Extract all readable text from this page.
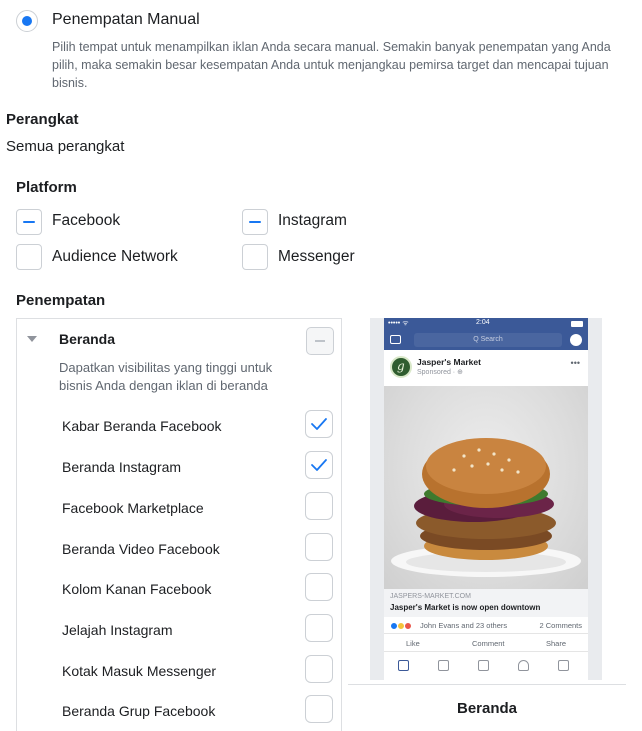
Penempatan Manual
Pilih tempat untuk menampilkan iklan Anda secara manual. Semakin banyak penempatan yang Anda pilih, maka semakin besar kesempatan Anda untuk menjangkau pemirsa target dan mencapai tujuan bisnis.
Perangkat
Semua perangkat
Platform
Facebook	Instagram
Audience Network	Messenger
Penempatan
Beranda
Dapatkan visibilitas yang tinggi untuk bisnis Anda dengan iklan di beranda
Kabar Beranda Facebook
Beranda Instagram
Facebook Marketplace
Beranda Video Facebook
Kolom Kanan Facebook
Jelajah Instagram
Kotak Masuk Messenger
Beranda Grup Facebook
••••• ᯤ	2:04
Q Search
g Jasper's Market
Sponsored · ⊕
•••
JASPERS-MARKET.COM
Jasper's Market is now open downtown
John Evans and 23 others	2 Comments
Like	Comment	Share
Beranda
